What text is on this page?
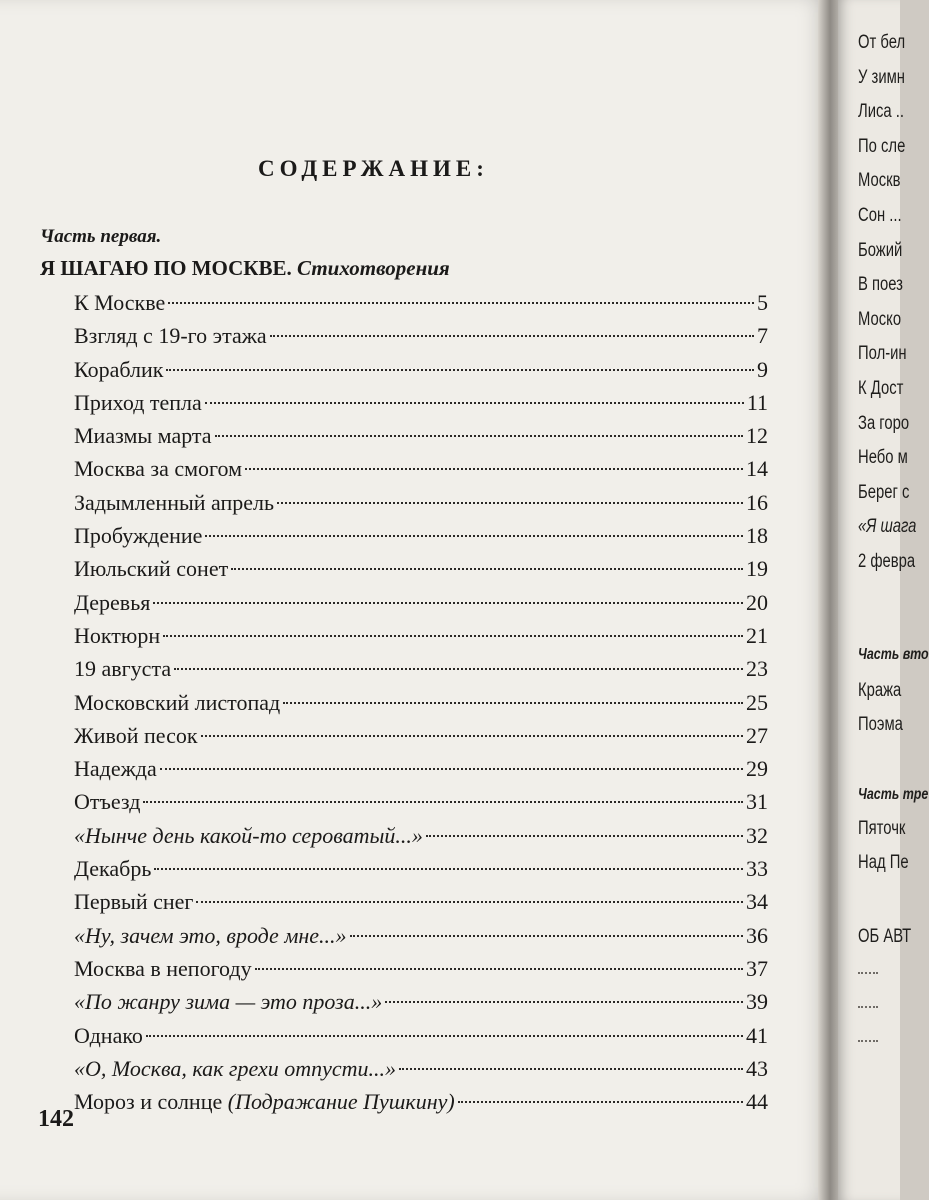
СОДЕРЖАНИЕ:
Часть первая.
Я ШАГАЮ ПО МОСКВЕ. Стихотворения
К Москве	5
Взгляд с 19-го этажа	7
Кораблик	9
Приход тепла	11
Миазмы марта	12
Москва за смогом	14
Задымленный апрель	16
Пробуждение	18
Июльский сонет	19
Деревья	20
Ноктюрн	21
19 августа	23
Московский листопад	25
Живой песок	27
Надежда	29
Отъезд	31
«Нынче день какой-то сероватый...»	32
Декабрь	33
Первый снег	34
«Ну, зачем это, вроде мне...»	36
Москва в непогоду	37
«По жанру зима — это проза...»	39
Однако	41
«О, Москва, как грехи отпусти...»	43
Мороз и солнце (Подражание Пушкину)	44
142
От бел
У зимн
Лиса ..
По сле
Москв
Сон ...
Божий
В поез
Моско
Пол-ин
К Дост
За горо
Небо м
Берег с
«Я шага
2 февра
Часть вто
Кража
Поэма
Часть тре
Пяточк
Над Пе
ОБ АВТ
